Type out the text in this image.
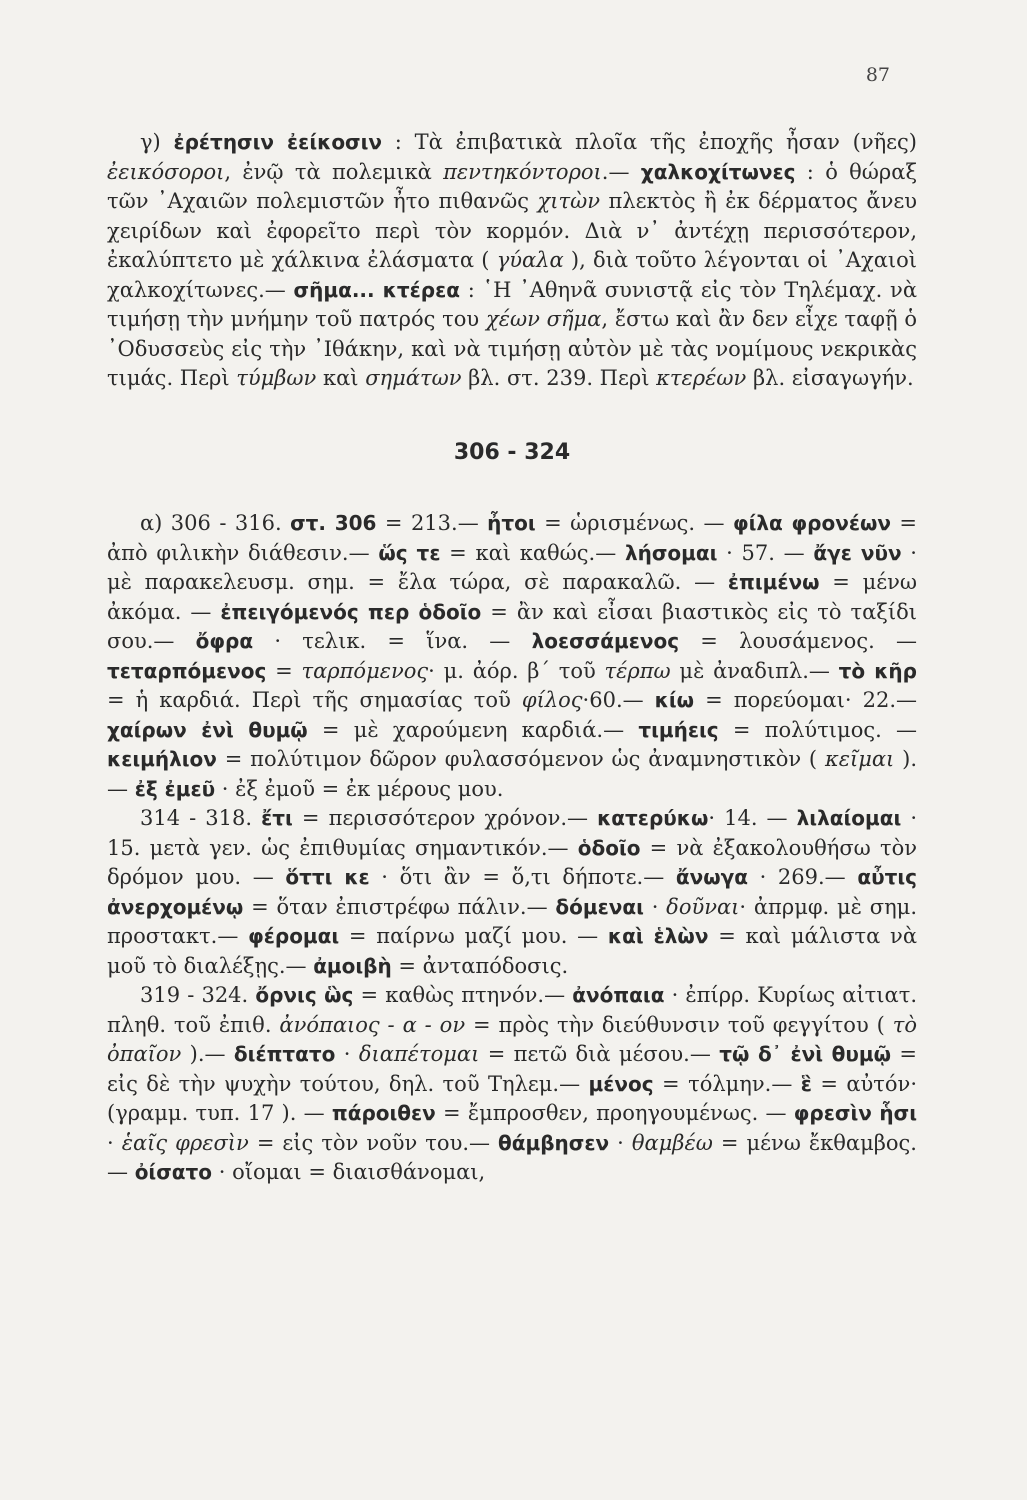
87

γ) ἐρέτησιν ἐείκοσιν : Τὰ ἐπιβατικὰ πλοῖα τῆς ἐποχῆς ἦσαν (νῆες) ἐεικόσοροι, ἐνῷ τὰ πολεμικὰ πεντηκόντοροι.— χαλκοχίτωνες : ὁ θώραξ τῶν ᾿Αχαιῶν πολεμιστῶν ἦτο πιθανῶς χιτὼν πλεκτὸς ἢ ἐκ δέρματος ἄνευ χειρίδων καὶ ἐφορεῖτο περὶ τὸν κορμόν. Διὰ ν᾿ ἀντέχῃ περισσότερον, ἐκαλύπτετο μὲ χάλκινα ἐλάσματα ( γύαλα ), διὰ τοῦτο λέγονται οἱ ᾿Αχαιοὶ χαλκοχίτωνες.— σῆμα... κτέρεα : ῾Η ᾿Αθηνᾶ συνιστᾷ εἰς τὸν Τηλέμαχ. νὰ τιμήσῃ τὴν μνήμην τοῦ πατρός του χέων σῆμα, ἔστω καὶ ἂν δεν εἶχε ταφῇ ὁ ᾿Οδυσσεὺς εἰς τὴν ᾿Ιθάκην, καὶ νὰ τιμήσῃ αὐτὸν μὲ τὰς νομίμους νεκρικὰς τιμάς. Περὶ τύμβων καὶ σημάτων βλ. στ. 239. Περὶ κτερέων βλ. εἰσαγωγήν.

306 - 324

α) 306 - 316. στ. 306 = 213.— ἦτοι = ὡρισμένως. — φίλα φρονέων = ἀπὸ φιλικὴν διάθεσιν.— ὥς τε = καὶ καθώς.— λήσομαι · 57. — ἄγε νῦν · μὲ παρακελευσμ. σημ. = ἔλα τώρα, σὲ παρακαλῶ. — ἐπιμένω = μένω ἀκόμα. — ἐπειγόμενός περ ὁδοῖο = ἂν καὶ εἶσαι βιαστικὸς εἰς τὸ ταξίδι σου.— ὄφρα · τελικ. = ἵνα. — λοεσσάμενος = λουσάμενος. — τεταρπόμενος = ταρπόμενος· μ. ἀόρ. β΄ τοῦ τέρπω μὲ ἀναδιπλ.— τὸ κῆρ = ἡ καρδιά. Περὶ τῆς σημασίας τοῦ φίλος·60.— κίω = πορεύομαι· 22.— χαίρων ἐνὶ θυμῷ = μὲ χαρούμενη καρδιά.— τιμήεις = πολύτιμος. — κειμήλιον = πολύτιμον δῶρον φυλασσόμενον ὡς ἀναμνηστικὸν ( κεῖμαι ).— ἐξ ἐμεῦ · ἐξ ἐμοῦ = ἐκ μέρους μου.

314 - 318. ἔτι = περισσότερον χρόνον.— κατερύκω· 14. — λιλαίομαι · 15. μετὰ γεν. ὡς ἐπιθυμίας σημαντικόν.— ὁδοῖο = νὰ ἐξακολουθήσω τὸν δρόμον μου. — ὅττι κε · ὅτι ἂν = ὅ,τι δήποτε.— ἄνωγα · 269.— αὖτις ἀνερχομένῳ = ὅταν ἐπιστρέφω πάλιν.— δόμεναι · δοῦναι· ἀπρμφ. μὲ σημ. προστακτ.— φέρομαι = παίρνω μαζί μου. — καὶ ἑλὼν = καὶ μάλιστα νὰ μοῦ τὸ διαλέξῃς.— ἀμοιβὴ = ἀνταπόδοσις.

319 - 324. ὄρνις ὣς = καθὼς πτηνόν.— ἀνόπαια · ἐπίρρ. Κυρίως αἰτιατ. πληθ. τοῦ ἐπιθ. ἀνόπαιος - α - ον = πρὸς τὴν διεύθυνσιν τοῦ φεγγίτου ( τὸ ὀπαῖον ).— διέπτατο · διαπέτομαι = πετῶ διὰ μέσου.— τῷ δ᾿ ἐνὶ θυμῷ = εἰς δὲ τὴν ψυχὴν τούτου, δηλ. τοῦ Τηλεμ.— μένος = τόλμην.— ἓ = αὐτόν· (γραμμ. τυπ. 17 ). — πάροιθεν = ἔμπροσθεν, προηγουμένως. — φρεσὶν ἧσι · ἑαῖς φρεσὶν = εἰς τὸν νοῦν του.— θάμβησεν · θαμβέω = μένω ἔκθαμβος.— ὀίσατο · οἴομαι = διαισθάνομαι,
